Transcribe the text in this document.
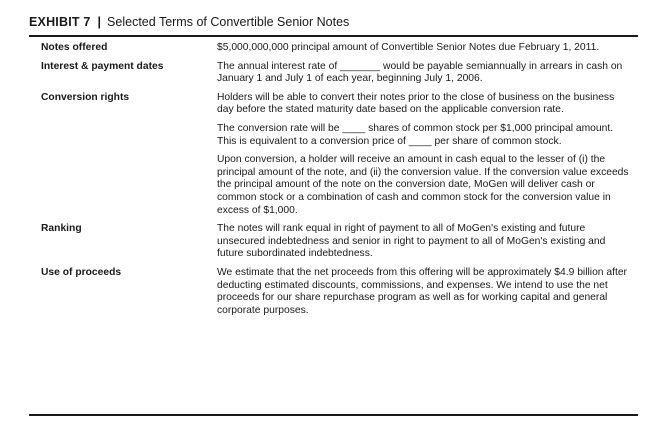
EXHIBIT 7 | Selected Terms of Convertible Senior Notes
Notes offered	$5,000,000,000 principal amount of Convertible Senior Notes due February 1, 2011.

Interest & payment dates	The annual interest rate of _______ would be payable semiannually in arrears in cash on January 1 and July 1 of each year, beginning July 1, 2006.

Conversion rights	Holders will be able to convert their notes prior to the close of business on the business day before the stated maturity date based on the applicable conversion rate.

The conversion rate will be ____ shares of common stock per $1,000 principal amount. This is equivalent to a conversion price of ____ per share of common stock.

Upon conversion, a holder will receive an amount in cash equal to the lesser of (i) the principal amount of the note, and (ii) the conversion value. If the conversion value exceeds the principal amount of the note on the conversion date, MoGen will deliver cash or common stock or a combination of cash and common stock for the conversion value in excess of $1,000.

Ranking	The notes will rank equal in right of payment to all of MoGen's existing and future unsecured indebtedness and senior in right to payment to all of MoGen's existing and future subordinated indebtedness.

Use of proceeds	We estimate that the net proceeds from this offering will be approximately $4.9 billion after deducting estimated discounts, commissions, and expenses. We intend to use the net proceeds for our share repurchase program as well as for working capital and general corporate purposes.
